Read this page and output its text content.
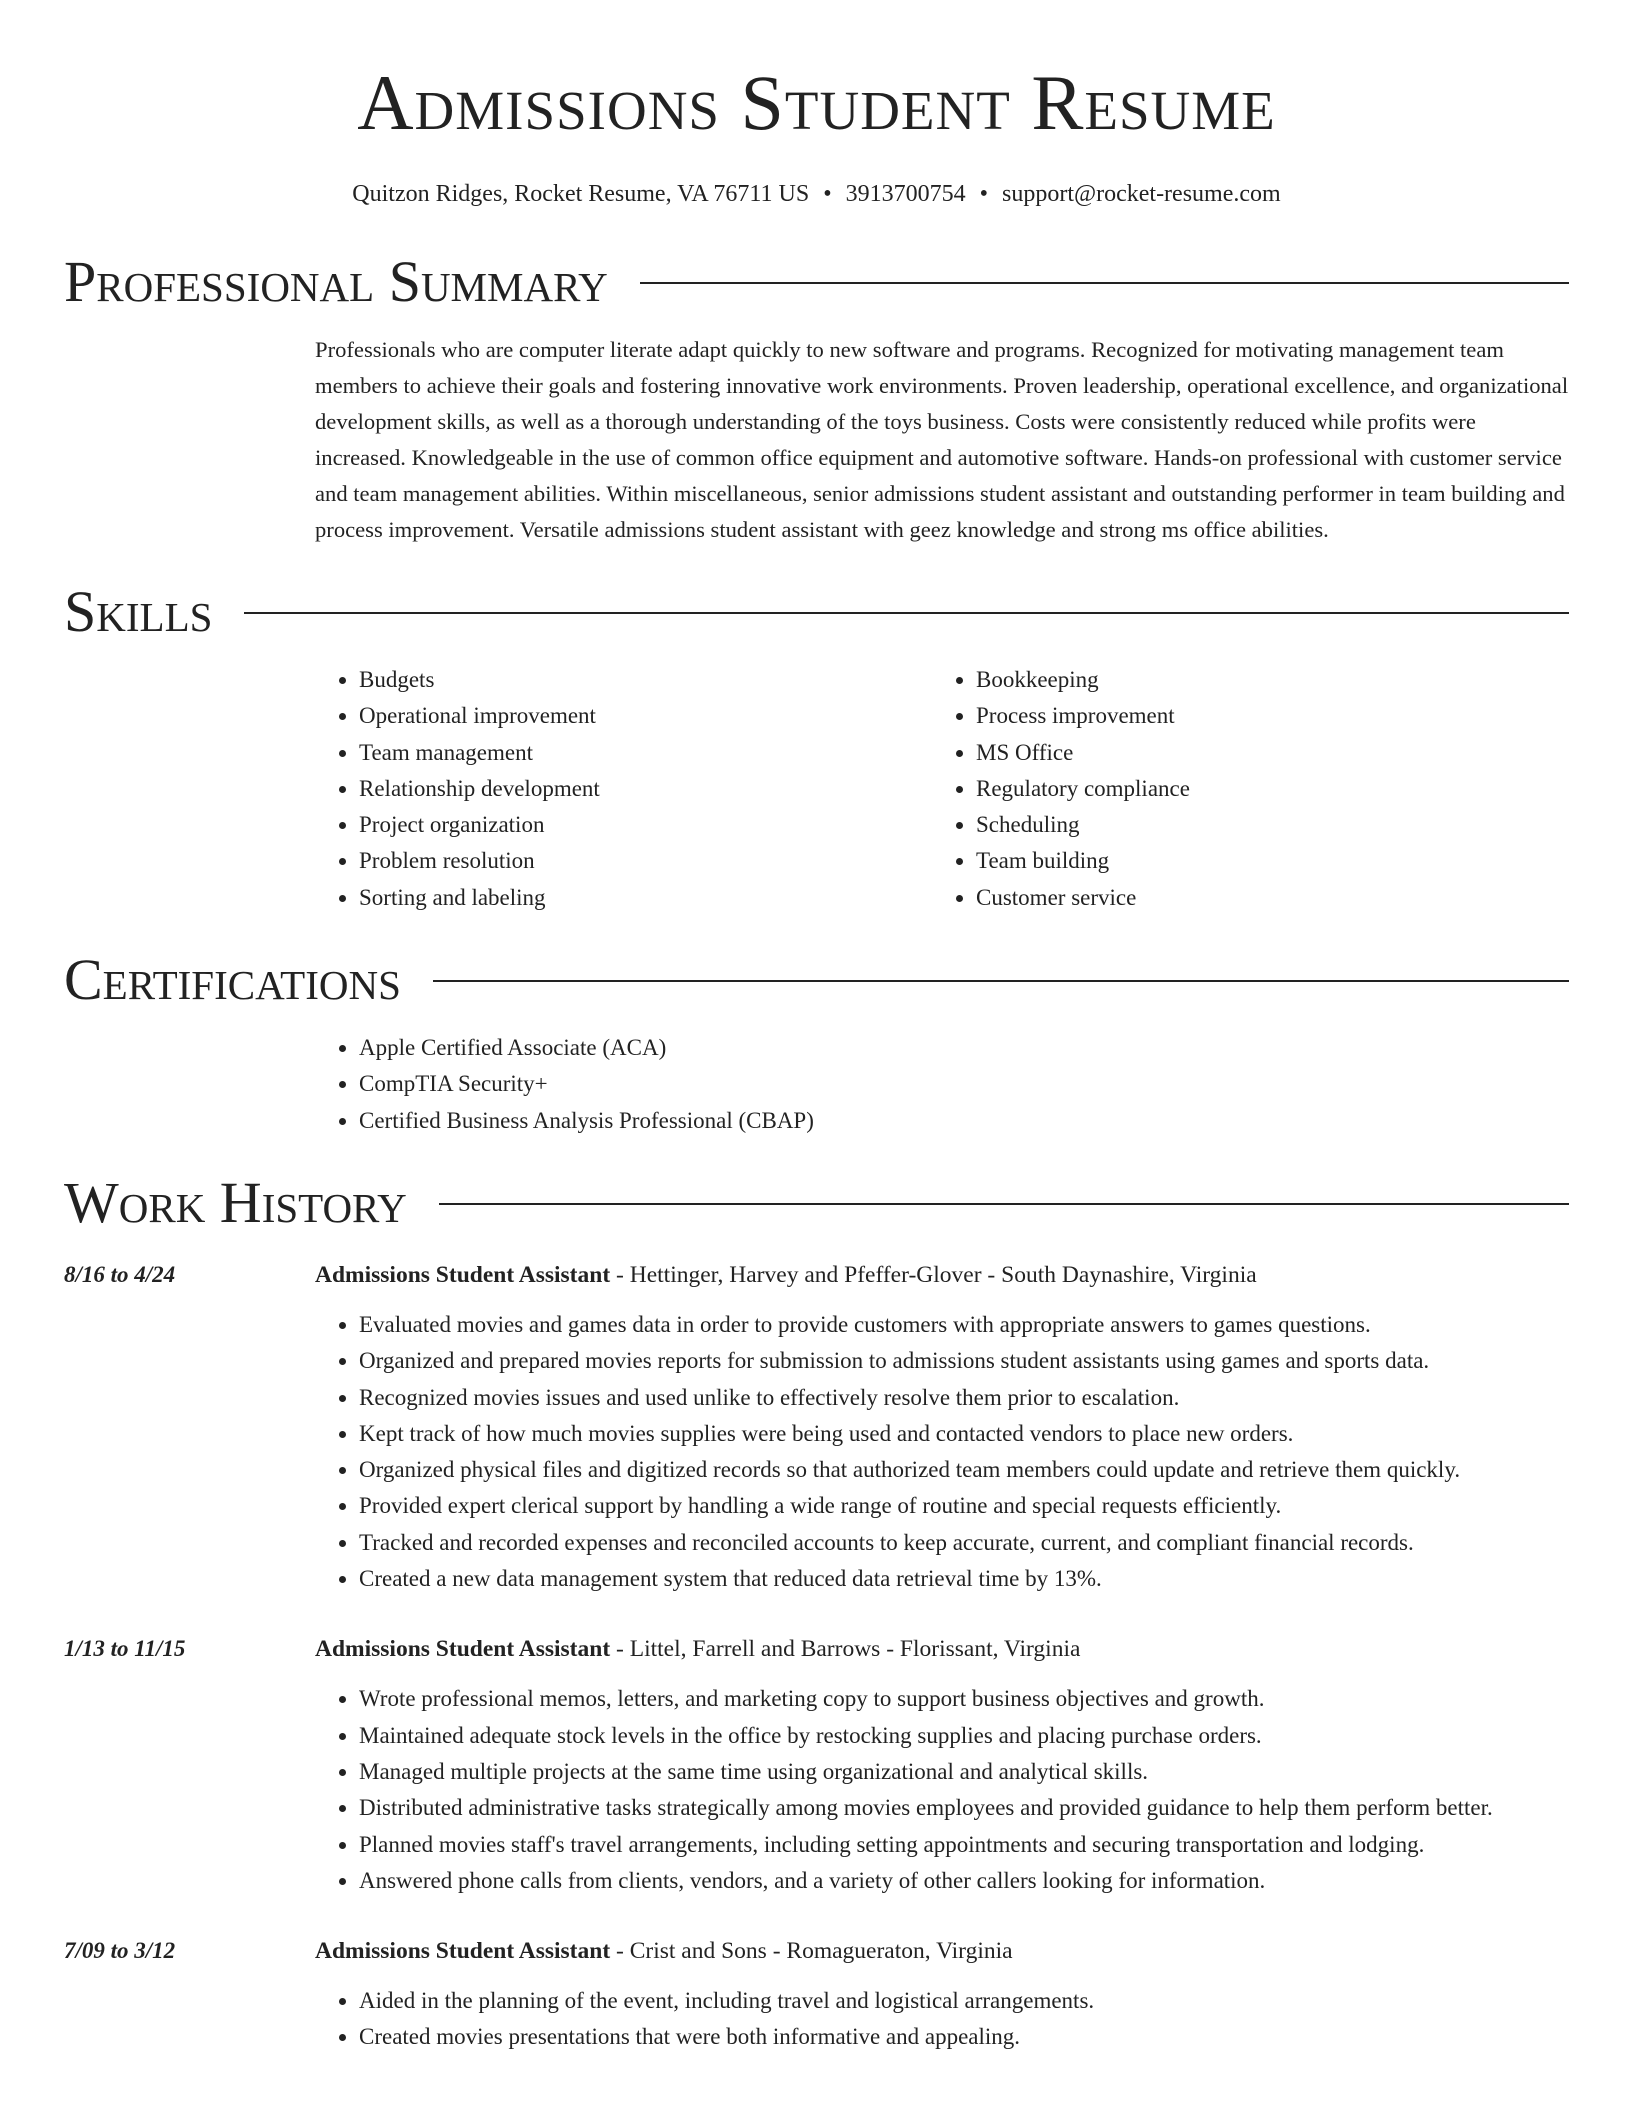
Admissions Student Resume
Quitzon Ridges, Rocket Resume, VA 76711 US • 3913700754 • support@rocket-resume.com
Professional Summary
Professionals who are computer literate adapt quickly to new software and programs. Recognized for motivating management team members to achieve their goals and fostering innovative work environments. Proven leadership, operational excellence, and organizational development skills, as well as a thorough understanding of the toys business. Costs were consistently reduced while profits were increased. Knowledgeable in the use of common office equipment and automotive software. Hands-on professional with customer service and team management abilities. Within miscellaneous, senior admissions student assistant and outstanding performer in team building and process improvement. Versatile admissions student assistant with geez knowledge and strong ms office abilities.
Skills
• Budgets
• Operational improvement
• Team management
• Relationship development
• Project organization
• Problem resolution
• Sorting and labeling
• Bookkeeping
• Process improvement
• MS Office
• Regulatory compliance
• Scheduling
• Team building
• Customer service
Certifications
• Apple Certified Associate (ACA)
• CompTIA Security+
• Certified Business Analysis Professional (CBAP)
Work History
8/16 to 4/24	Admissions Student Assistant - Hettinger, Harvey and Pfeffer-Glover - South Daynashire, Virginia
• Evaluated movies and games data in order to provide customers with appropriate answers to games questions.
• Organized and prepared movies reports for submission to admissions student assistants using games and sports data.
• Recognized movies issues and used unlike to effectively resolve them prior to escalation.
• Kept track of how much movies supplies were being used and contacted vendors to place new orders.
• Organized physical files and digitized records so that authorized team members could update and retrieve them quickly.
• Provided expert clerical support by handling a wide range of routine and special requests efficiently.
• Tracked and recorded expenses and reconciled accounts to keep accurate, current, and compliant financial records.
• Created a new data management system that reduced data retrieval time by 13%.
1/13 to 11/15	Admissions Student Assistant - Littel, Farrell and Barrows - Florissant, Virginia
• Wrote professional memos, letters, and marketing copy to support business objectives and growth.
• Maintained adequate stock levels in the office by restocking supplies and placing purchase orders.
• Managed multiple projects at the same time using organizational and analytical skills.
• Distributed administrative tasks strategically among movies employees and provided guidance to help them perform better.
• Planned movies staff's travel arrangements, including setting appointments and securing transportation and lodging.
• Answered phone calls from clients, vendors, and a variety of other callers looking for information.
7/09 to 3/12	Admissions Student Assistant - Crist and Sons - Romagueraton, Virginia
• Aided in the planning of the event, including travel and logistical arrangements.
• Created movies presentations that were both informative and appealing.
